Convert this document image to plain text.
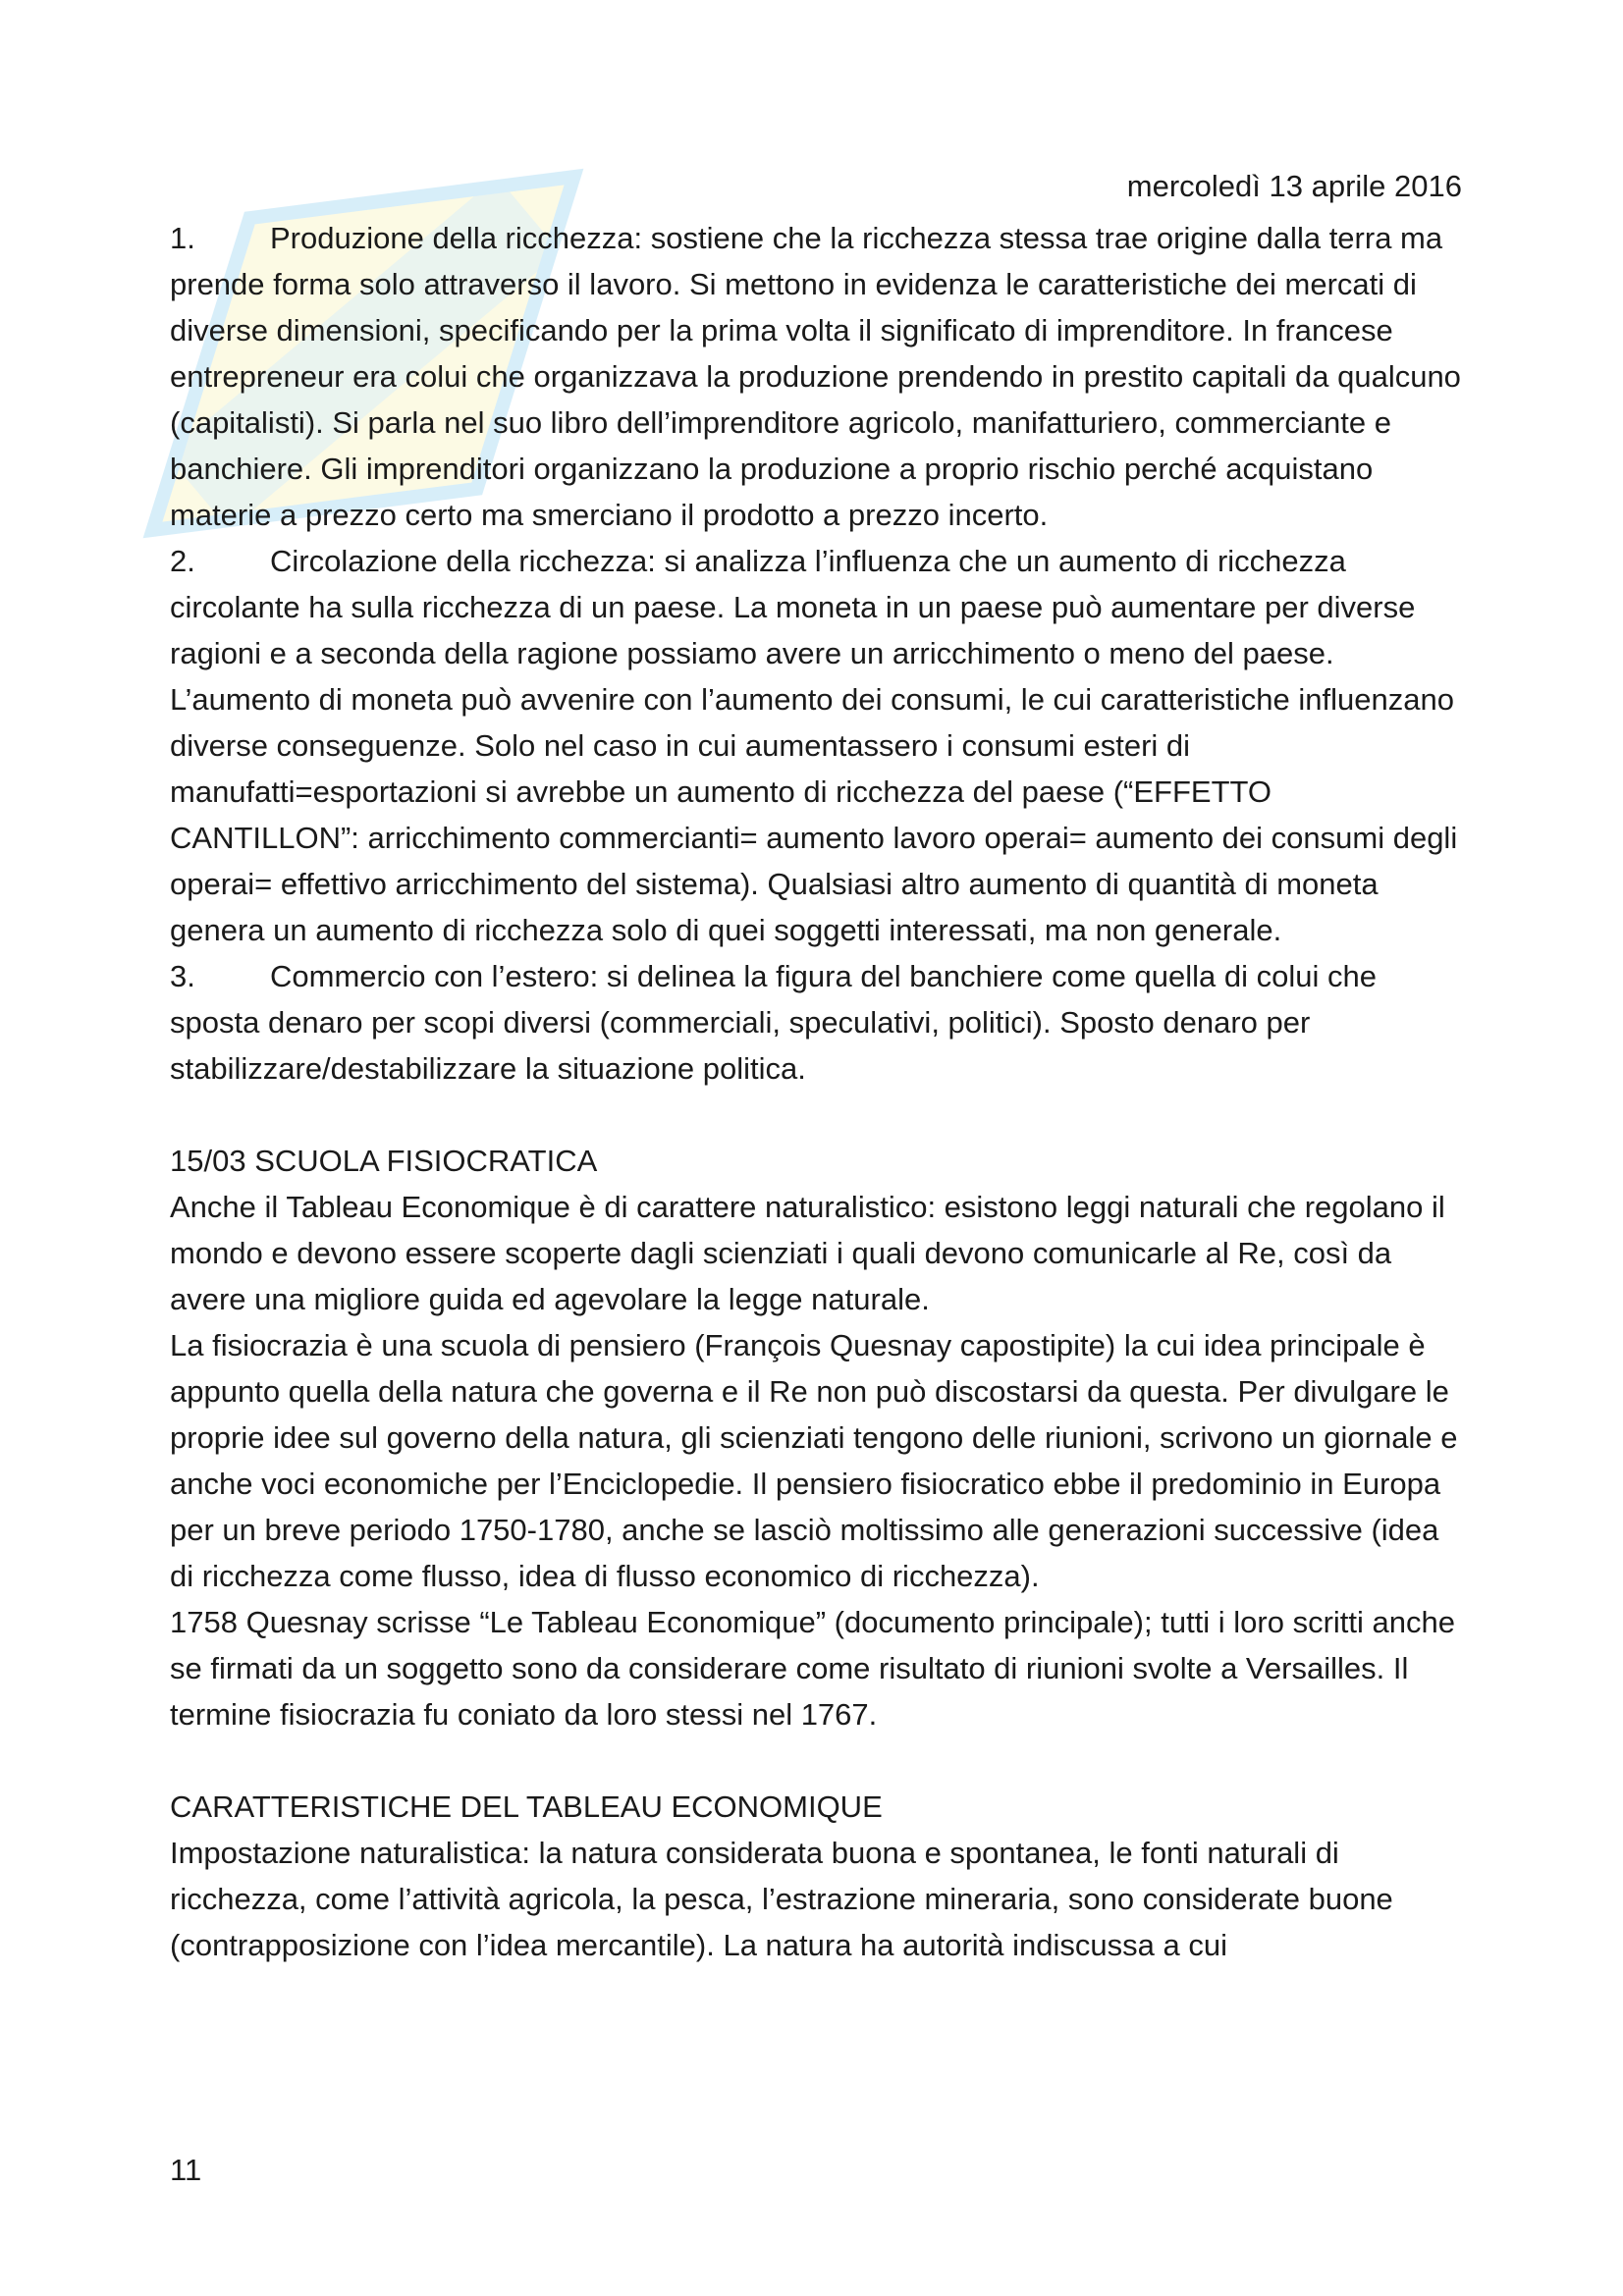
mercoledì 13 aprile 2016

1. Produzione della ricchezza: sostiene che la ricchezza stessa trae origine dalla terra ma prende forma solo attraverso il lavoro. Si mettono in evidenza le caratteristiche dei mercati di diverse dimensioni, specificando per la prima volta il significato di imprenditore. In francese entrepreneur era colui che organizzava la produzione prendendo in prestito capitali da qualcuno (capitalisti). Si parla nel suo libro dell’imprenditore agricolo, manifatturiero, commerciante e banchiere. Gli imprenditori organizzano la produzione a proprio rischio perché acquistano materie a prezzo certo ma smerciano il prodotto a prezzo incerto.

2. Circolazione della ricchezza: si analizza l’influenza che un aumento di ricchezza circolante ha sulla ricchezza di un paese. La moneta in un paese può aumentare per diverse ragioni e a seconda della ragione possiamo avere un arricchimento o meno del paese. L’aumento di moneta può avvenire con l’aumento dei consumi, le cui caratteristiche influenzano diverse conseguenze. Solo nel caso in cui aumentassero i consumi esteri di manufatti=esportazioni si avrebbe un aumento di ricchezza del paese (“EFFETTO CANTILLON”: arricchimento commercianti= aumento lavoro operai= aumento dei consumi degli operai= effettivo arricchimento del sistema). Qualsiasi altro aumento di quantità di moneta genera un aumento di ricchezza solo di quei soggetti interessati, ma non generale.

3. Commercio con l’estero: si delinea la figura del banchiere come quella di colui che sposta denaro per scopi diversi (commerciali, speculativi, politici). Sposto denaro per stabilizzare/destabilizzare la situazione politica.

15/03 SCUOLA FISIOCRATICA

Anche il Tableau Economique è di carattere naturalistico: esistono leggi naturali che regolano il mondo e devono essere scoperte dagli scienziati i quali devono comunicarle al Re, così da avere una migliore guida ed agevolare la legge naturale.

La fisiocrazia è una scuola di pensiero (François Quesnay capostipite) la cui idea principale è appunto quella della natura che governa e il Re non può discostarsi da questa. Per divulgare le proprie idee sul governo della natura, gli scienziati tengono delle riunioni, scrivono un giornale e anche voci economiche per l’Enciclopedie. Il pensiero fisiocratico ebbe il predominio in Europa per un breve periodo 1750-1780, anche se lasciò moltissimo alle generazioni successive (idea di ricchezza come flusso, idea di flusso economico di ricchezza).

1758 Quesnay scrisse “Le Tableau Economique” (documento principale); tutti i loro scritti anche se firmati da un soggetto sono da considerare come risultato di riunioni svolte a Versailles. Il termine fisiocrazia fu coniato da loro stessi nel 1767.

CARATTERISTICHE DEL TABLEAU ECONOMIQUE

Impostazione naturalistica: la natura considerata buona e spontanea, le fonti naturali di ricchezza, come l’attività agricola, la pesca, l’estrazione mineraria, sono considerate buone (contrapposizione con l’idea mercantile). La natura ha autorità indiscussa a cui

11
